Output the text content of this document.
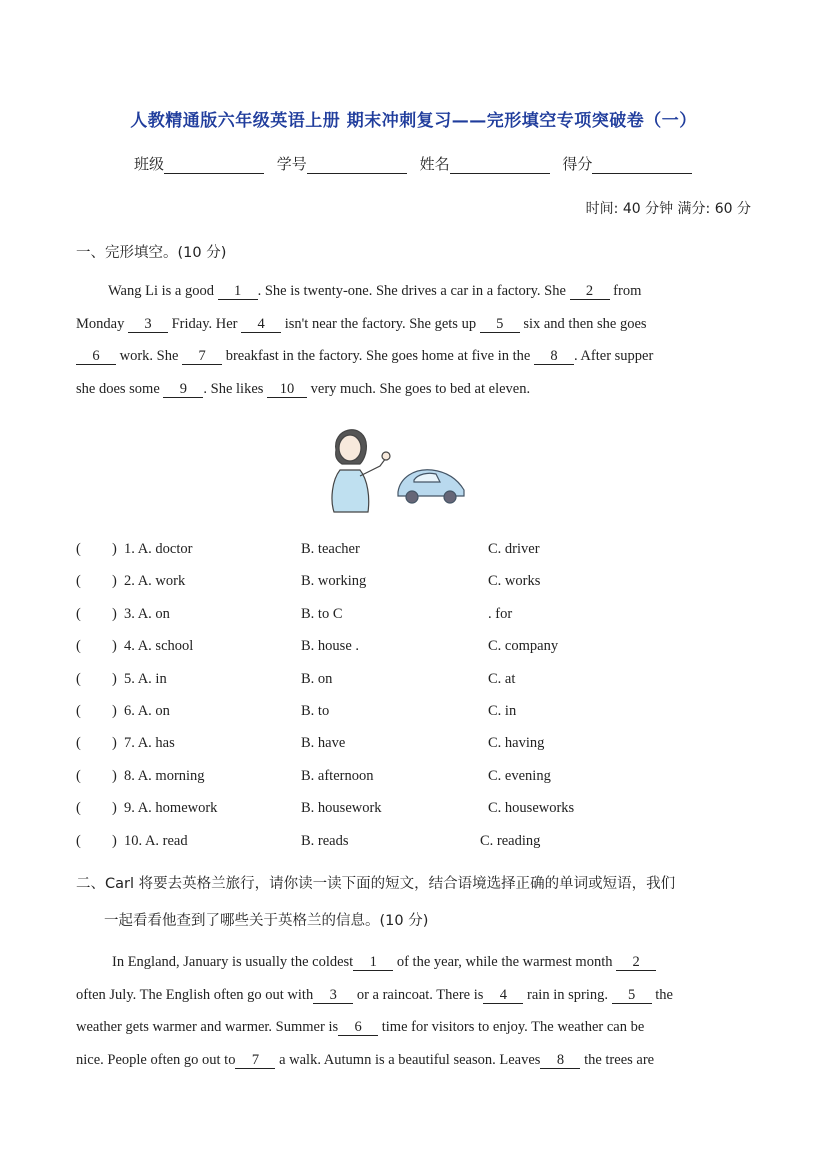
人教精通版六年级英语上册 期末冲刺复习——完形填空专项突破卷（一）
班级	学号	姓名	得分
时间: 40 分钟 满分: 60 分
一、完形填空。(10 分)
Wang Li is a good 1 . She is twenty-one. She drives a car in a factory. She 2 from
Monday 3 Friday. Her 4 isn't near the factory. She gets up 5 six and then she goes
6 work. She 7 breakfast in the factory. She goes home at five in the 8 . After supper
she does some 9 . She likes 10 very much. She goes to bed at eleven.
( ) 1. A. doctor	B. teacher	C. driver
( ) 2. A. work	B. working	C. works
( ) 3. A. on	B. to C	. for
( ) 4. A. school	B. house .	C. company
( ) 5. A. in	B. on	C. at
( ) 6. A. on	B. to	C. in
( ) 7. A. has	B. have	C. having
( ) 8. A. morning	B. afternoon	C. evening
( ) 9. A. homework	B. housework	C. houseworks
( ) 10. A. read	B. reads	C. reading
二、Carl 将要去英格兰旅行，请你读一读下面的短文，结合语境选择正确的单词或短语，我们
一起看看他查到了哪些关于英格兰的信息。(10 分)
In England, January is usually the coldest 1 of the year, while the warmest month 2
often July. The English often go out with 3 or a raincoat. There is 4 rain in spring. 5 the
weather gets warmer and warmer. Summer is 6 time for visitors to enjoy. The weather can be
nice. People often go out to 7 a walk. Autumn is a beautiful season. Leaves 8 the trees are
